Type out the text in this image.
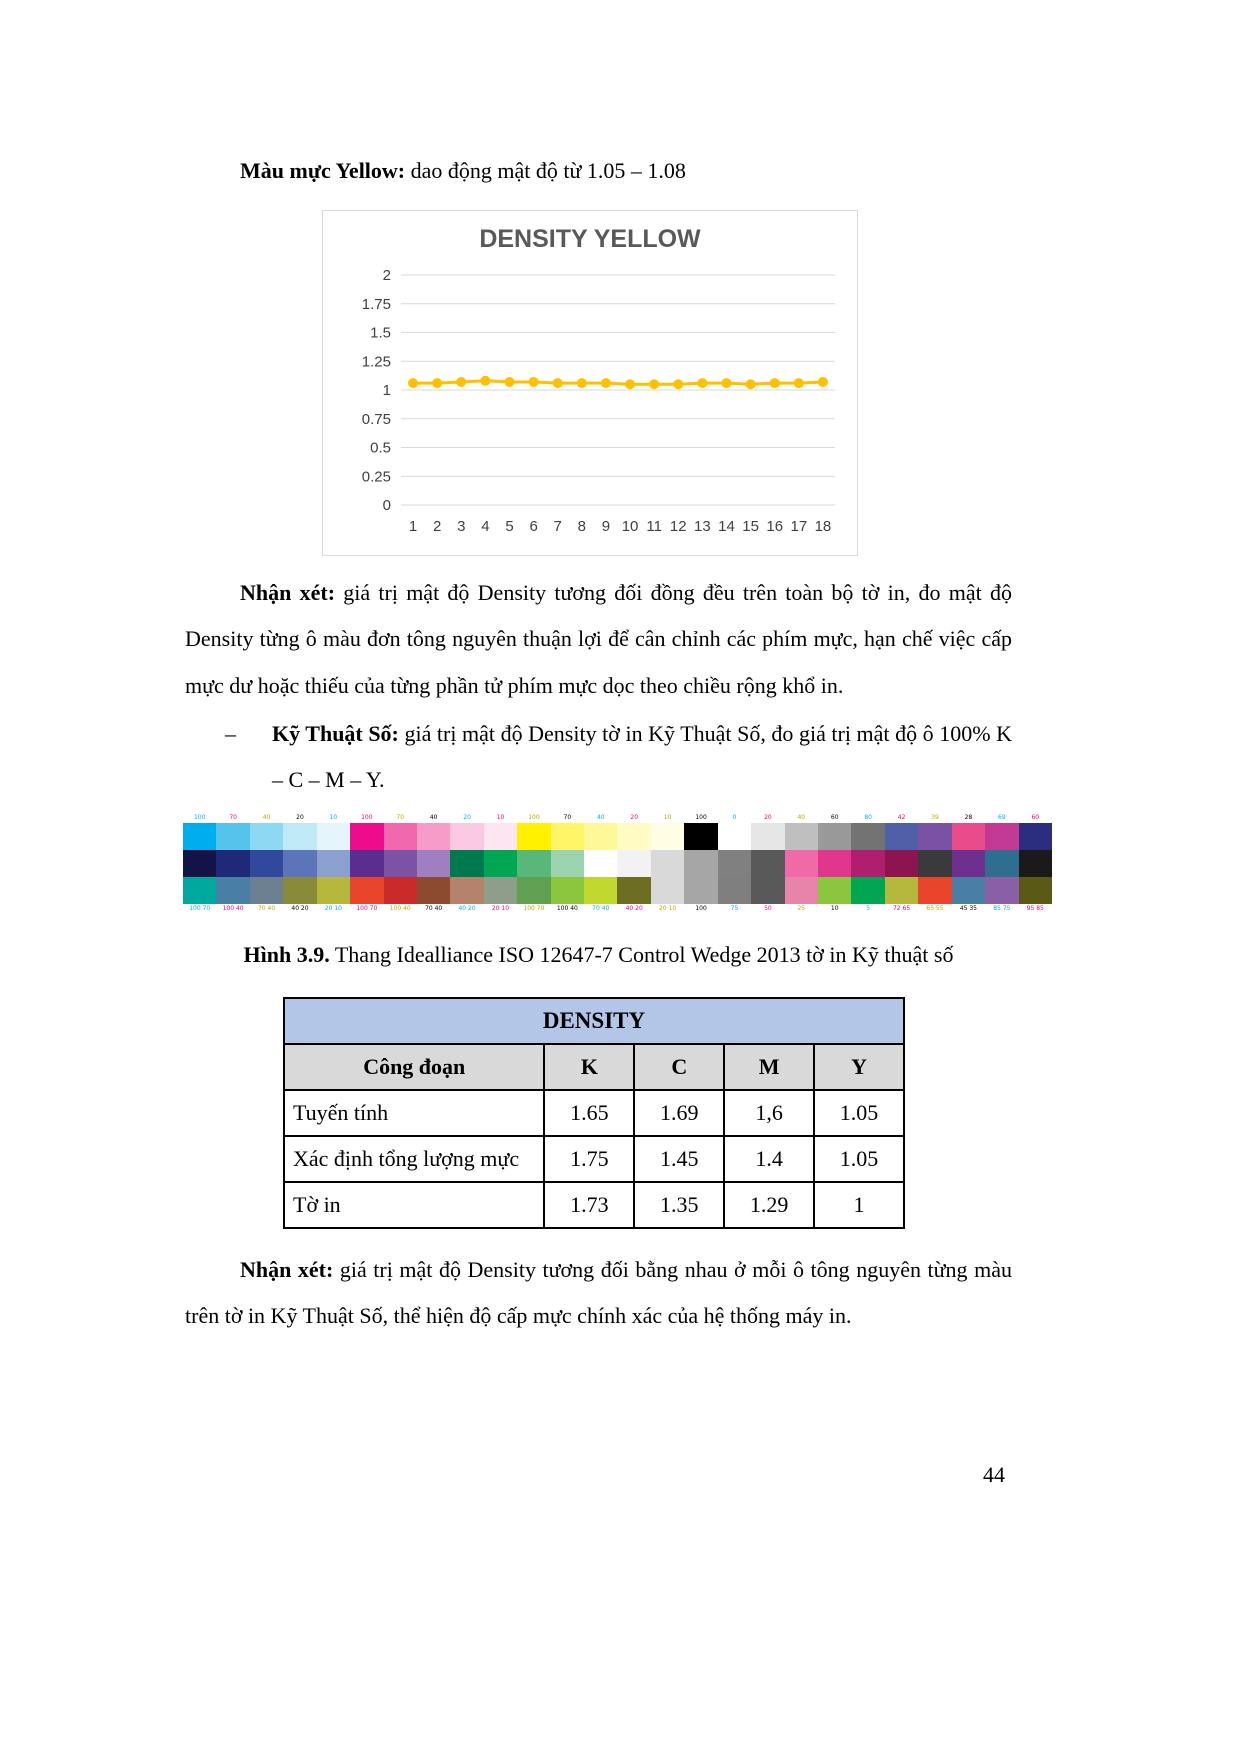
Màu mực Yellow: dao động mật độ từ 1.05 – 1.08

DENSITY YELLOW
0
0.25
0.5
0.75
1
1.25
1.5
1.75
2
1 2 3 4 5 6 7 8 9 10 11 12 13 14 15 16 17 18

Nhận xét: giá trị mật độ Density tương đối đồng đều trên toàn bộ tờ in, đo mật độ Density từng ô màu đơn tông nguyên thuận lợi để cân chỉnh các phím mực, hạn chế việc cấp mực dư hoặc thiếu của từng phần tử phím mực dọc theo chiều rộng khổ in.

– Kỹ Thuật Số: giá trị mật độ Density tờ in Kỹ Thuật Số, đo giá trị mật độ ô 100% K – C – M – Y.

100	70	40	20	10	100	70	40	20	10	100	70	40	20	10	100	0	20	40	60	80	42	39	28	69	60
100 70	100 40	70 40	40 20	20 10	100 70	100 40	70 40	40 20	20 10	100 70	100 40	70 40	40 20	20 10	100	75	50	25	10	5	72 65	65 55	45 35	85 75	95 85

Hình 3.9. Thang Idealliance ISO 12647-7 Control Wedge 2013 tờ in Kỹ thuật số

DENSITY				
Công đoạn	K	C	M	Y
Tuyến tính	1.65	1.69	1,6	1.05
Xác định tổng lượng mực	1.75	1.45	1.4	1.05
Tờ in	1.73	1.35	1.29	1

Nhận xét: giá trị mật độ Density tương đối bằng nhau ở mỗi ô tông nguyên từng màu trên tờ in Kỹ Thuật Số, thể hiện độ cấp mực chính xác của hệ thống máy in.

44
